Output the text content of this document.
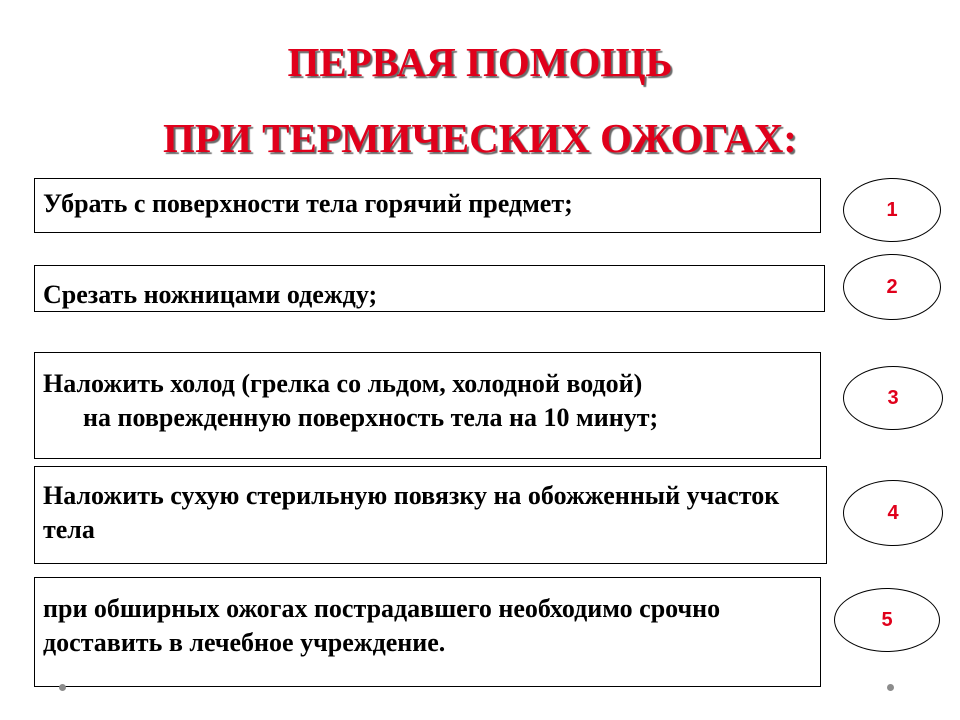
ПЕРВАЯ ПОМОЩЬ
ПРИ ТЕРМИЧЕСКИХ ОЖОГАХ:
Убрать с поверхности тела горячий предмет;	1
Срезать ножницами одежду;	2
Наложить холод (грелка со льдом, холодной водой)
на поврежденную поверхность тела на 10 минут;
3
Наложить сухую стерильную повязку на обожженный участок тела
4
при обширных ожогах пострадавшего необходимо срочно доставить в лечебное учреждение.
5
